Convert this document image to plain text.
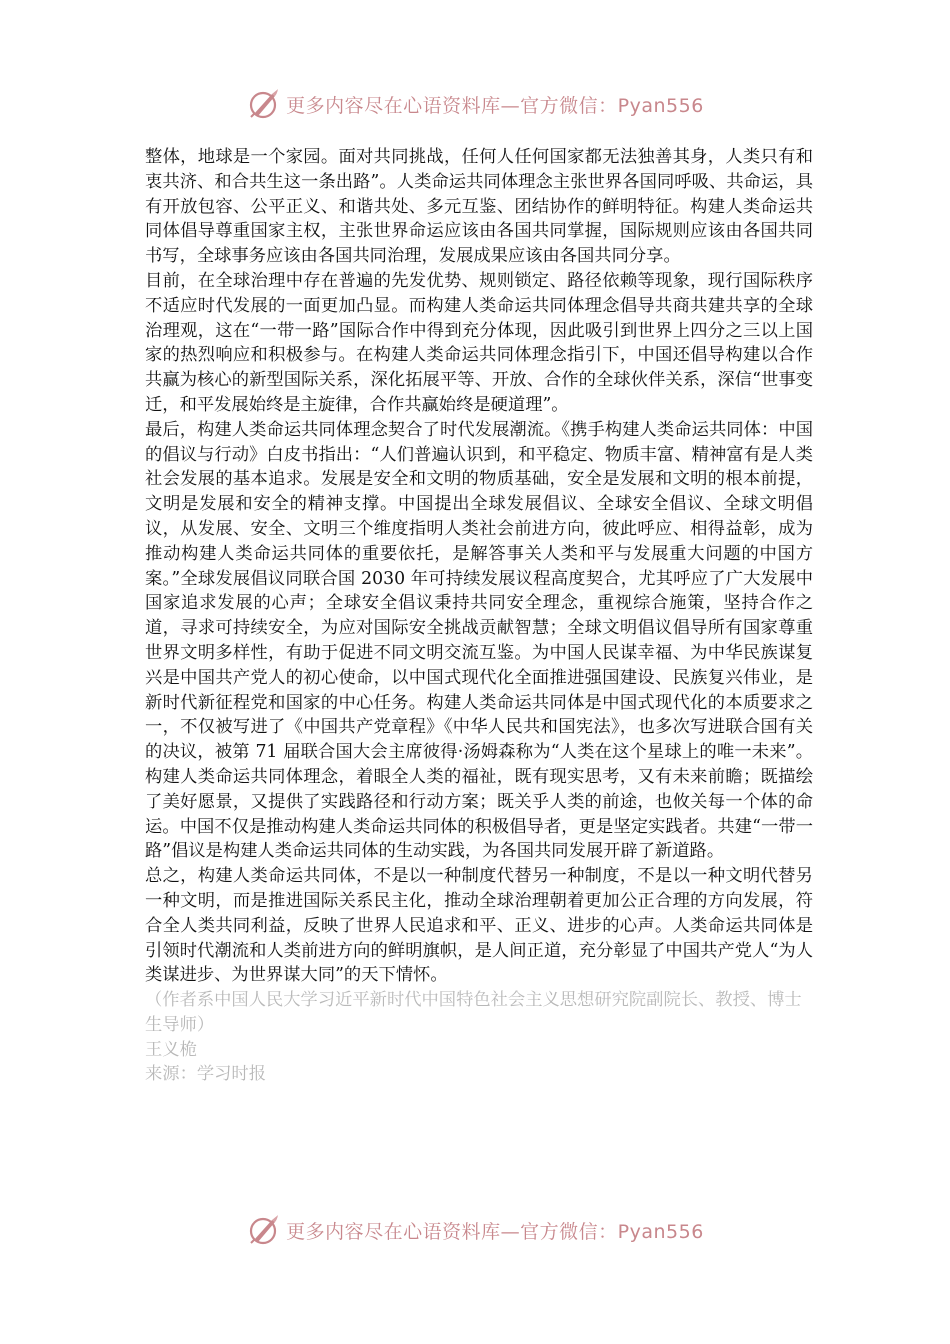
更多内容尽在心语资料库—官方微信：Pyan556

整体，地球是一个家园。面对共同挑战，任何人任何国家都无法独善其身，人类只有和衷共济、和合共生这一条出路”。人类命运共同体理念主张世界各国同呼吸、共命运，具有开放包容、公平正义、和谐共处、多元互鉴、团结协作的鲜明特征。构建人类命运共同体倡导尊重国家主权，主张世界命运应该由各国共同掌握，国际规则应该由各国共同书写，全球事务应该由各国共同治理，发展成果应该由各国共同分享。

目前，在全球治理中存在普遍的先发优势、规则锁定、路径依赖等现象，现行国际秩序不适应时代发展的一面更加凸显。而构建人类命运共同体理念倡导共商共建共享的全球治理观，这在“一带一路”国际合作中得到充分体现，因此吸引到世界上四分之三以上国家的热烈响应和积极参与。在构建人类命运共同体理念指引下，中国还倡导构建以合作共赢为核心的新型国际关系，深化拓展平等、开放、合作的全球伙伴关系，深信“世事变迁，和平发展始终是主旋律，合作共赢始终是硬道理”。

最后，构建人类命运共同体理念契合了时代发展潮流。《携手构建人类命运共同体：中国的倡议与行动》白皮书指出：“人们普遍认识到，和平稳定、物质丰富、精神富有是人类社会发展的基本追求。发展是安全和文明的物质基础，安全是发展和文明的根本前提，文明是发展和安全的精神支撑。中国提出全球发展倡议、全球安全倡议、全球文明倡议，从发展、安全、文明三个维度指明人类社会前进方向，彼此呼应、相得益彰，成为推动构建人类命运共同体的重要依托，是解答事关人类和平与发展重大问题的中国方案。”全球发展倡议同联合国 2030 年可持续发展议程高度契合，尤其呼应了广大发展中国家追求发展的心声；全球安全倡议秉持共同安全理念，重视综合施策，坚持合作之道，寻求可持续安全，为应对国际安全挑战贡献智慧；全球文明倡议倡导所有国家尊重世界文明多样性，有助于促进不同文明交流互鉴。为中国人民谋幸福、为中华民族谋复兴是中国共产党人的初心使命，以中国式现代化全面推进强国建设、民族复兴伟业，是新时代新征程党和国家的中心任务。构建人类命运共同体是中国式现代化的本质要求之一，不仅被写进了《中国共产党章程》《中华人民共和国宪法》，也多次写进联合国有关的决议，被第 71 届联合国大会主席彼得·汤姆森称为“人类在这个星球上的唯一未来”。构建人类命运共同体理念，着眼全人类的福祉，既有现实思考，又有未来前瞻；既描绘了美好愿景，又提供了实践路径和行动方案；既关乎人类的前途，也攸关每一个体的命运。中国不仅是推动构建人类命运共同体的积极倡导者，更是坚定实践者。共建“一带一路”倡议是构建人类命运共同体的生动实践，为各国共同发展开辟了新道路。

总之，构建人类命运共同体，不是以一种制度代替另一种制度，不是以一种文明代替另一种文明，而是推进国际关系民主化，推动全球治理朝着更加公正合理的方向发展，符合全人类共同利益，反映了世界人民追求和平、正义、进步的心声。人类命运共同体是引领时代潮流和人类前进方向的鲜明旗帜，是人间正道，充分彰显了中国共产党人“为人类谋进步、为世界谋大同”的天下情怀。

（作者系中国人民大学习近平新时代中国特色社会主义思想研究院副院长、教授、博士生导师）

王义桅

来源：学习时报

更多内容尽在心语资料库—官方微信：Pyan556
